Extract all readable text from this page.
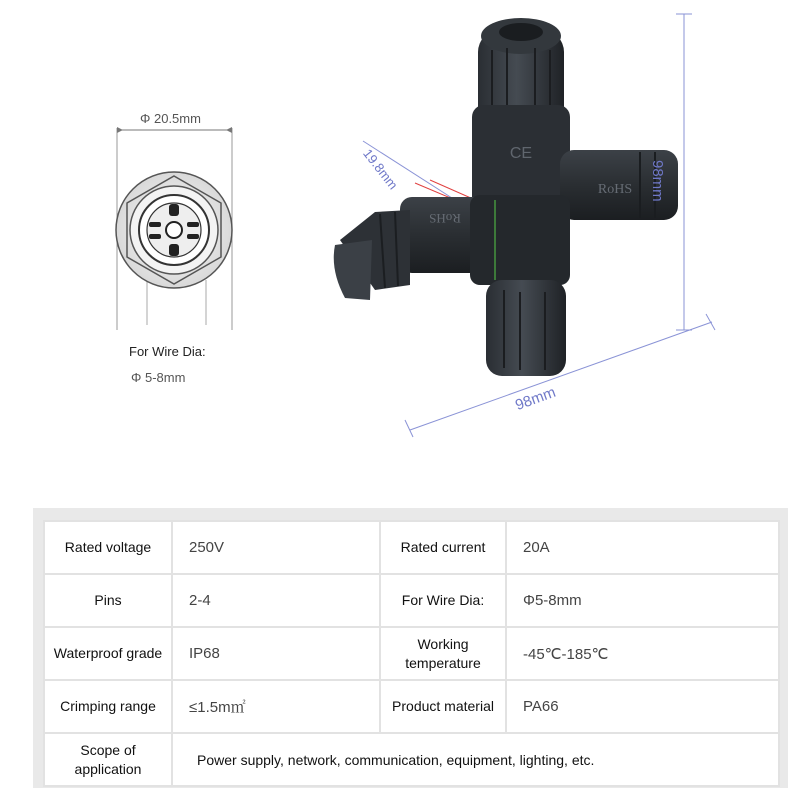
CE
RoHS
RoHS
Φ 20.5mm
For Wire Dia:
Φ 5-8mm
98mm
98mm
19.8mm
Rated voltage	250V	Rated current	20A
Pins	2-4	For Wire Dia:	Φ5-8mm
Waterproof grade	IP68	Working temperature	-45℃-185℃
Crimping range	≤1.5m㎡	Product material	PA66
Scope of application	Power supply, network, communication, equipment, lighting, etc.		
